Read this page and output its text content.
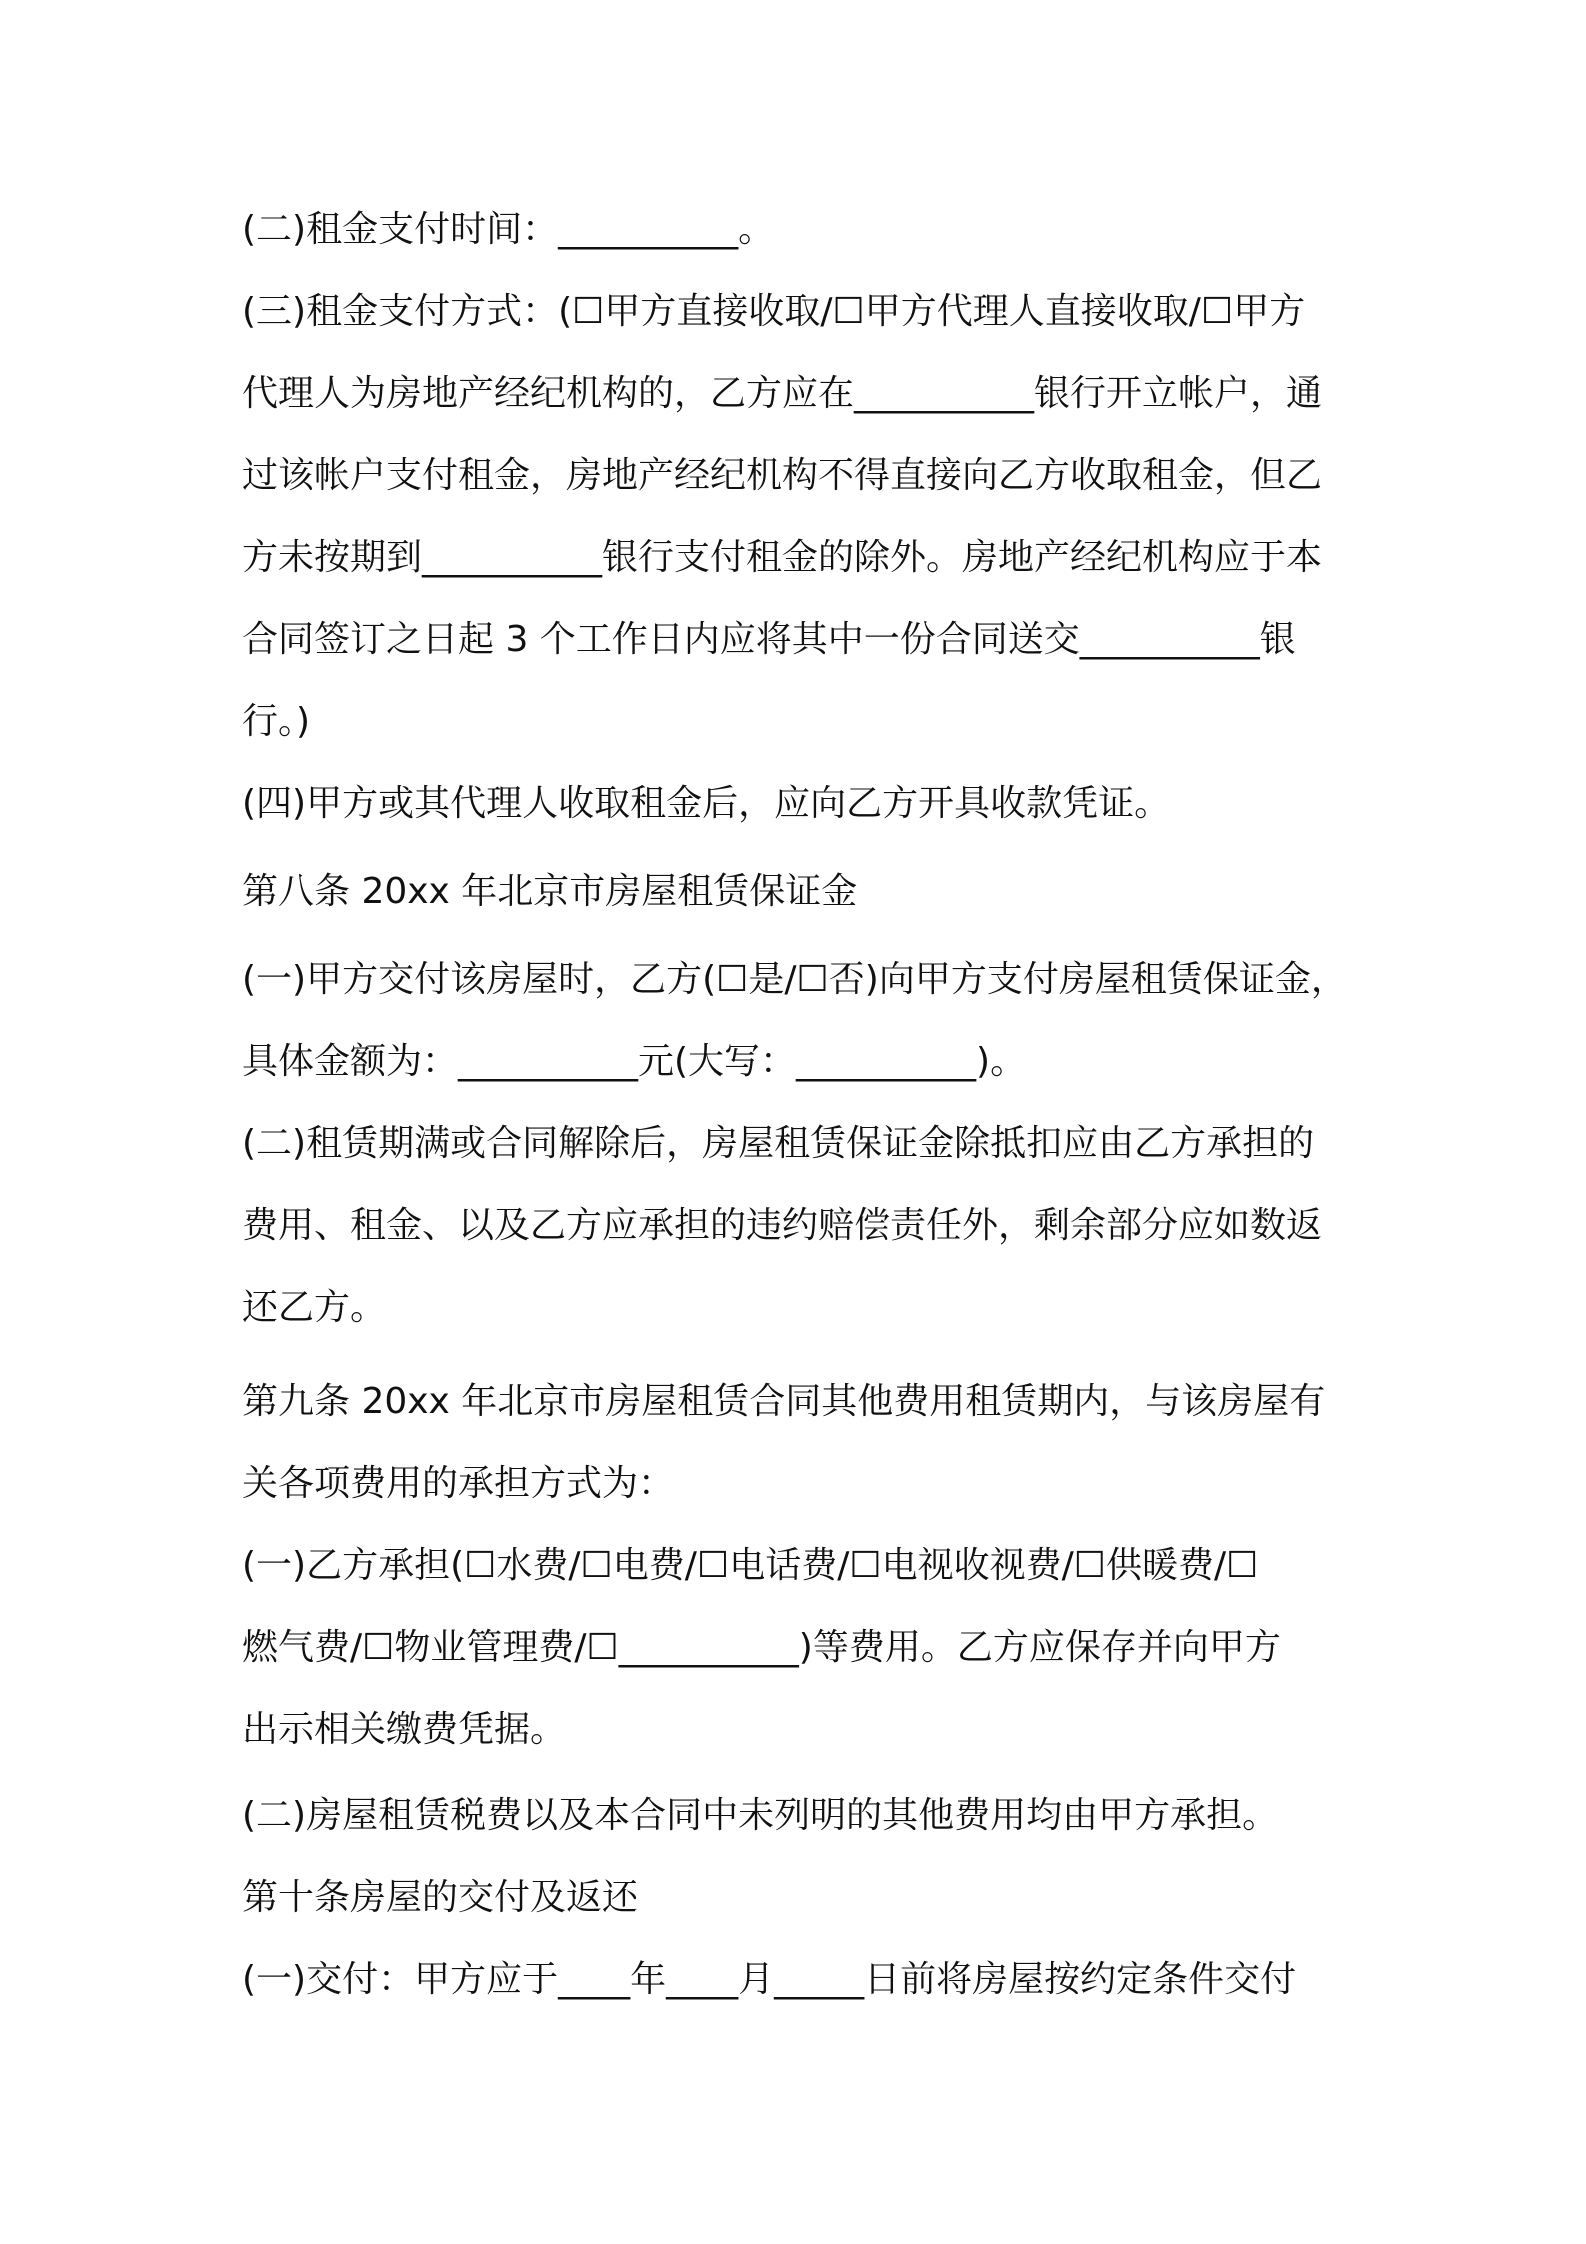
(二)租金支付时间：__________。

(三)租金支付方式：(☐甲方直接收取/☐甲方代理人直接收取/☐甲方

代理人为房地产经纪机构的，乙方应在__________银行开立帐户，通

过该帐户支付租金，房地产经纪机构不得直接向乙方收取租金，但乙

方未按期到__________银行支付租金的除外。房地产经纪机构应于本

合同签订之日起 3 个工作日内应将其中一份合同送交__________银

行。)

(四)甲方或其代理人收取租金后，应向乙方开具收款凭证。

第八条 20xx 年北京市房屋租赁保证金

(一)甲方交付该房屋时，乙方(☐是/☐否)向甲方支付房屋租赁保证金，

具体金额为：__________元(大写：__________)。

(二)租赁期满或合同解除后，房屋租赁保证金除抵扣应由乙方承担的

费用、租金、以及乙方应承担的违约赔偿责任外，剩余部分应如数返

还乙方。

第九条 20xx 年北京市房屋租赁合同其他费用租赁期内，与该房屋有

关各项费用的承担方式为：

(一)乙方承担(☐水费/☐电费/☐电话费/☐电视收视费/☐供暖费/☐

燃气费/☐物业管理费/☐__________)等费用。乙方应保存并向甲方

出示相关缴费凭据。

(二)房屋租赁税费以及本合同中未列明的其他费用均由甲方承担。

第十条房屋的交付及返还

(一)交付：甲方应于____年____月_____日前将房屋按约定条件交付
